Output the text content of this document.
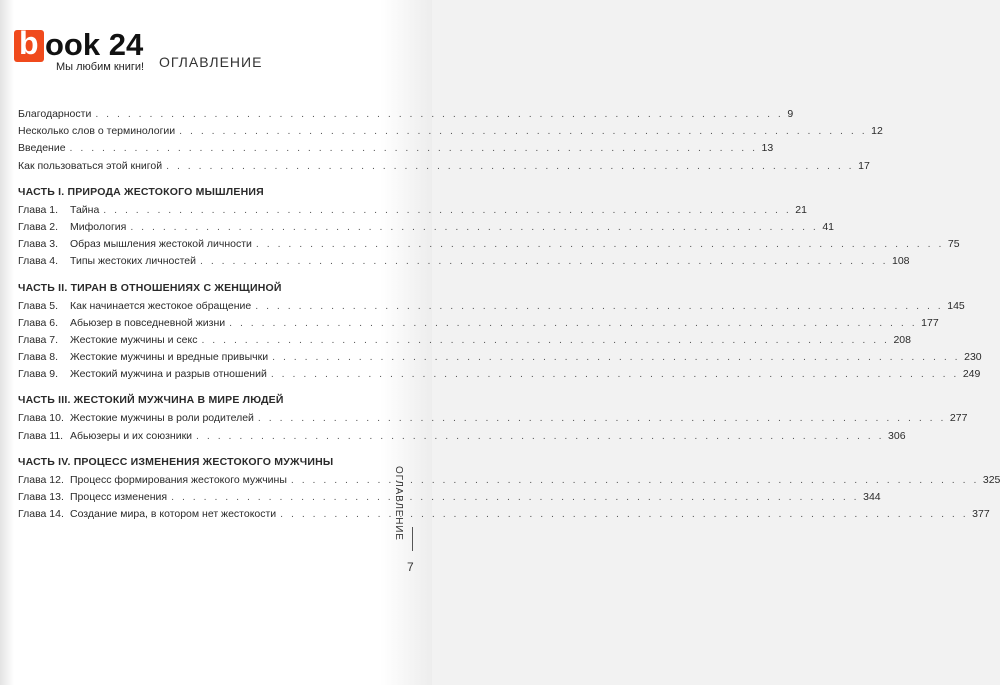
b ook 24
Мы любим книги! ОГЛАВЛЕНИЕ
Благодарности . . . . . . . . . . . . . . . . . . . . . . . . . . . . . . . . . . . . . . . . . . . . . . . . . . . . . . . . . . . . . . . . 9
Несколько слов о терминологии . . . . . . . . . . . . . . . . . . . . . . . . . . . . . . . . . . . . . . . . . . . . . . . . . . . . . . . . . . . . . . . . 12
Введение . . . . . . . . . . . . . . . . . . . . . . . . . . . . . . . . . . . . . . . . . . . . . . . . . . . . . . . . . . . . . . . . 13
Как пользоваться этой книгой . . . . . . . . . . . . . . . . . . . . . . . . . . . . . . . . . . . . . . . . . . . . . . . . . . . . . . . . . . . . . . . . 17
ЧАСТЬ I. ПРИРОДА ЖЕСТОКОГО МЫШЛЕНИЯ
Глава 1.	Тайна . . . . . . . . . . . . . . . . . . . . . . . . . . . . . . . . . . . . . . . . . . . . . . . . . . . . . . . . . . . . . . . . 21
Глава 2.	Мифология . . . . . . . . . . . . . . . . . . . . . . . . . . . . . . . . . . . . . . . . . . . . . . . . . . . . . . . . . . . . . . . . 41
Глава 3.	Образ мышления жестокой личности . . . . . . . . . . . . . . . . . . . . . . . . . . . . . . . . . . . . . . . . . . . . . . . . . . . . . . . . . . . . . . . . 75
Глава 4.	Типы жестоких личностей . . . . . . . . . . . . . . . . . . . . . . . . . . . . . . . . . . . . . . . . . . . . . . . . . . . . . . . . . . . . . . . . 108
ЧАСТЬ II. ТИРАН В ОТНОШЕНИЯХ С ЖЕНЩИНОЙ
Глава 5.	Как начинается жестокое обращение . . . . . . . . . . . . . . . . . . . . . . . . . . . . . . . . . . . . . . . . . . . . . . . . . . . . . . . . . . . . . . . . 145
Глава 6.	Абьюзер в повседневной жизни . . . . . . . . . . . . . . . . . . . . . . . . . . . . . . . . . . . . . . . . . . . . . . . . . . . . . . . . . . . . . . . . 177
Глава 7.	Жестокие мужчины и секс . . . . . . . . . . . . . . . . . . . . . . . . . . . . . . . . . . . . . . . . . . . . . . . . . . . . . . . . . . . . . . . . 208
Глава 8.	Жестокие мужчины и вредные привычки . . . . . . . . . . . . . . . . . . . . . . . . . . . . . . . . . . . . . . . . . . . . . . . . . . . . . . . . . . . . . . . . 230
Глава 9.	Жестокий мужчина и разрыв отношений . . . . . . . . . . . . . . . . . . . . . . . . . . . . . . . . . . . . . . . . . . . . . . . . . . . . . . . . . . . . . . . . 249
ЧАСТЬ III. ЖЕСТОКИЙ МУЖЧИНА В МИРЕ ЛЮДЕЙ
Глава 10. Жестокие мужчины в роли родителей . . . . . . . . . . . . . . . . . . . . . . . . . . . . . . . . . . . . . . . . . . . . . . . . . . . . . . . . . . . . . . . . 277
Глава 11. Абьюзеры и их союзники . . . . . . . . . . . . . . . . . . . . . . . . . . . . . . . . . . . . . . . . . . . . . . . . . . . . . . . . . . . . . . . . 306
ЧАСТЬ IV. ПРОЦЕСС ИЗМЕНЕНИЯ ЖЕСТОКОГО МУЖЧИНЫ
Глава 12. Процесс формирования жестокого мужчины . . . . . . . . . . . . . . . . . . . . . . . . . . . . . . . . . . . . . . . . . . . . . . . . . . . . . . . . . . . . . . . . 325
Глава 13. Процесс изменения . . . . . . . . . . . . . . . . . . . . . . . . . . . . . . . . . . . . . . . . . . . . . . . . . . . . . . . . . . . . . . . . 344
Глава 14. Создание мира, в котором нет жестокости . . . . . . . . . . . . . . . . . . . . . . . . . . . . . . . . . . . . . . . . . . . . . . . . . . . . . . . . . . . . . . . . 377
ОГЛАВЛЕНИЕ
7
